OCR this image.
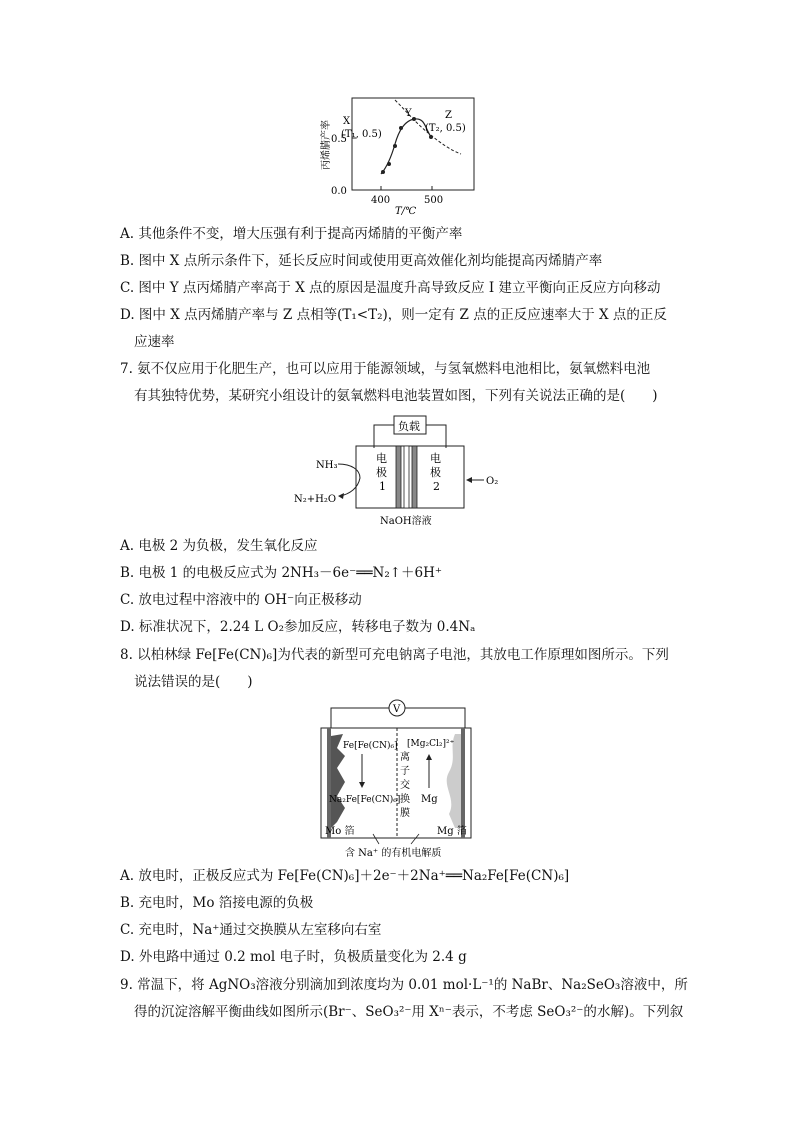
丙烯腈产率 0.5
0.0
400	500
T/℃
X
(T₁, 0.5)
Y	Z
(T₂, 0.5)
A. 其他条件不变，增大压强有利于提高丙烯腈的平衡产率
B. 图中 X 点所示条件下，延长反应时间或使用更高效催化剂均能提高丙烯腈产率
C. 图中 Y 点丙烯腈产率高于 X 点的原因是温度升高导致反应 I 建立平衡向正反应方向移动
D. 图中 X 点丙烯腈产率与 Z 点相等(T₁<T₂)，则一定有 Z 点的正反应速率大于 X 点的正反
应速率
7. 氨不仅应用于化肥生产，也可以应用于能源领域，与氢氧燃料电池相比，氨氧燃料电池
有其独特优势，某研究小组设计的氨氧燃料电池装置如图，下列有关说法正确的是(　　)
负载
电
极
1
电
极
2
NH₃
N₂+H₂O
O₂
NaOH溶液
A. 电极 2 为负极，发生氧化反应
B. 电极 1 的电极反应式为 2NH₃－6e⁻══N₂↑＋6H⁺
C. 放电过程中溶液中的 OH⁻向正极移动
D. 标准状况下，2.24 L O₂参加反应，转移电子数为 0.4Nₐ
8. 以柏林绿 Fe[Fe(CN)₆]为代表的新型可充电钠离子电池，其放电工作原理如图所示。下列
说法错误的是(　　)
V
Fe[Fe(CN)₆]
Na₂Fe[Fe(CN)₆]
[Mg₂Cl₂]²⁺
Mg
离
子
交
换
膜
Mo 箔	Mg 箔
含 Na⁺ 的有机电解质
A. 放电时，正极反应式为 Fe[Fe(CN)₆]＋2e⁻＋2Na⁺══Na₂Fe[Fe(CN)₆]
B. 充电时，Mo 箔接电源的负极
C. 充电时，Na⁺通过交换膜从左室移向右室
D. 外电路中通过 0.2 mol 电子时，负极质量变化为 2.4 g
9. 常温下，将 AgNO₃溶液分别滴加到浓度均为 0.01 mol·L⁻¹的 NaBr、Na₂SeO₃溶液中，所
得的沉淀溶解平衡曲线如图所示(Br⁻、SeO₃²⁻用 Xⁿ⁻表示，不考虑 SeO₃²⁻的水解)。下列叙
